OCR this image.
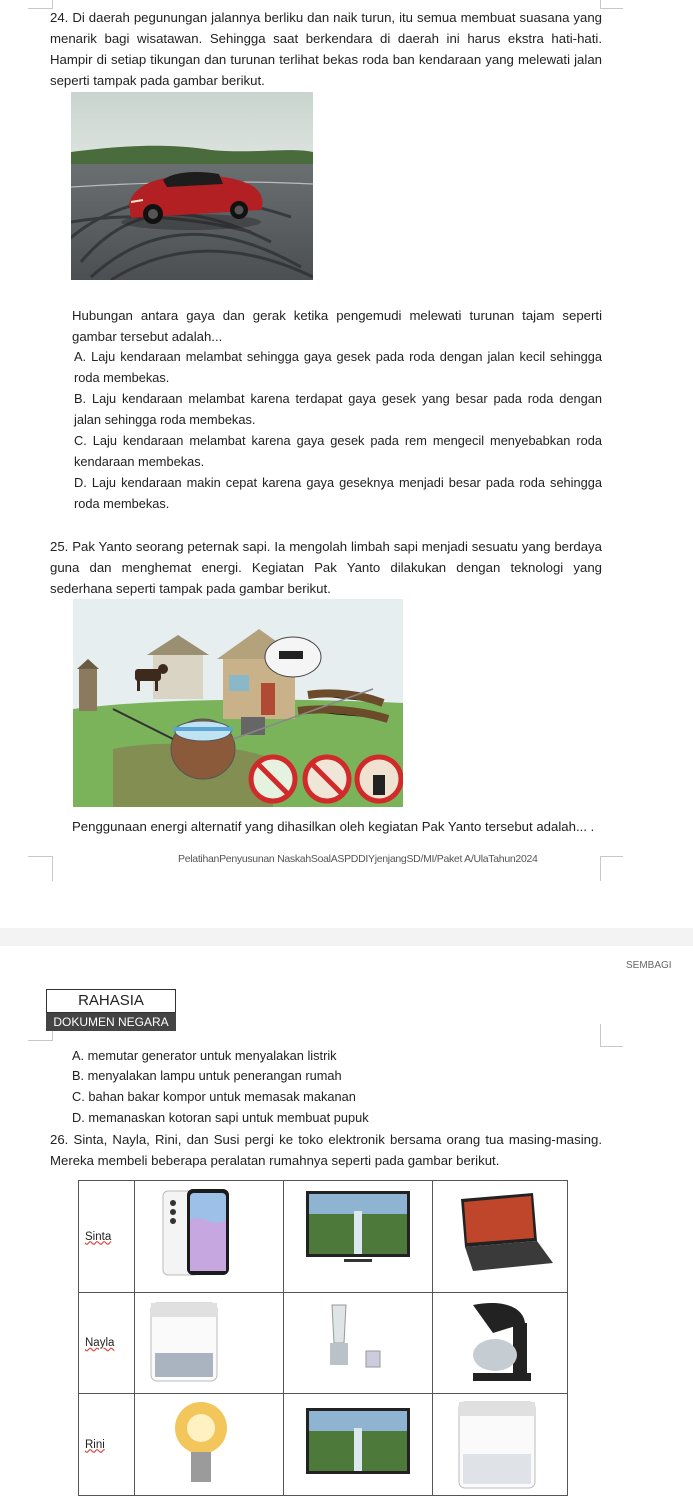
24. Di daerah pegunungan jalannya berliku dan naik turun, itu semua membuat suasana yang menarik bagi wisatawan. Sehingga saat berkendara di daerah ini harus ekstra hati-hati. Hampir di setiap tikungan dan turunan terlihat bekas roda ban kendaraan yang melewati jalan seperti tampak pada gambar berikut.
Hubungan antara gaya dan gerak ketika pengemudi melewati turunan tajam seperti gambar tersebut adalah...
A. Laju kendaraan melambat sehingga gaya gesek pada roda dengan jalan kecil sehingga roda membekas.
B. Laju kendaraan melambat karena terdapat gaya gesek yang besar pada roda dengan jalan sehingga roda membekas.
C. Laju kendaraan melambat karena gaya gesek pada rem mengecil menyebabkan roda kendaraan membekas.
D. Laju kendaraan makin cepat karena gaya geseknya menjadi besar pada roda sehingga roda membekas.
25. Pak Yanto seorang peternak sapi. Ia mengolah limbah sapi menjadi sesuatu yang berdaya guna dan menghemat energi. Kegiatan Pak Yanto dilakukan dengan teknologi yang sederhana seperti tampak pada gambar berikut.
Penggunaan energi alternatif yang dihasilkan oleh kegiatan Pak Yanto tersebut adalah... .
PelatihanPenyusunan NaskahSoalASPDDIYjenjangSD/MI/Paket A/UlaTahun2024
SEMBAGI
RAHASIA
DOKUMEN NEGARA
A. memutar generator untuk menyalakan listrik
B. menyalakan lampu untuk penerangan rumah
C. bahan bakar kompor untuk memasak makanan
D. memanaskan kotoran sapi untuk membuat pupuk
26. Sinta, Nayla, Rini, dan Susi pergi ke toko elektronik bersama orang tua masing-masing. Mereka membeli beberapa peralatan rumahnya seperti pada gambar berikut.
Sinta			
Nayla			
Rini			
